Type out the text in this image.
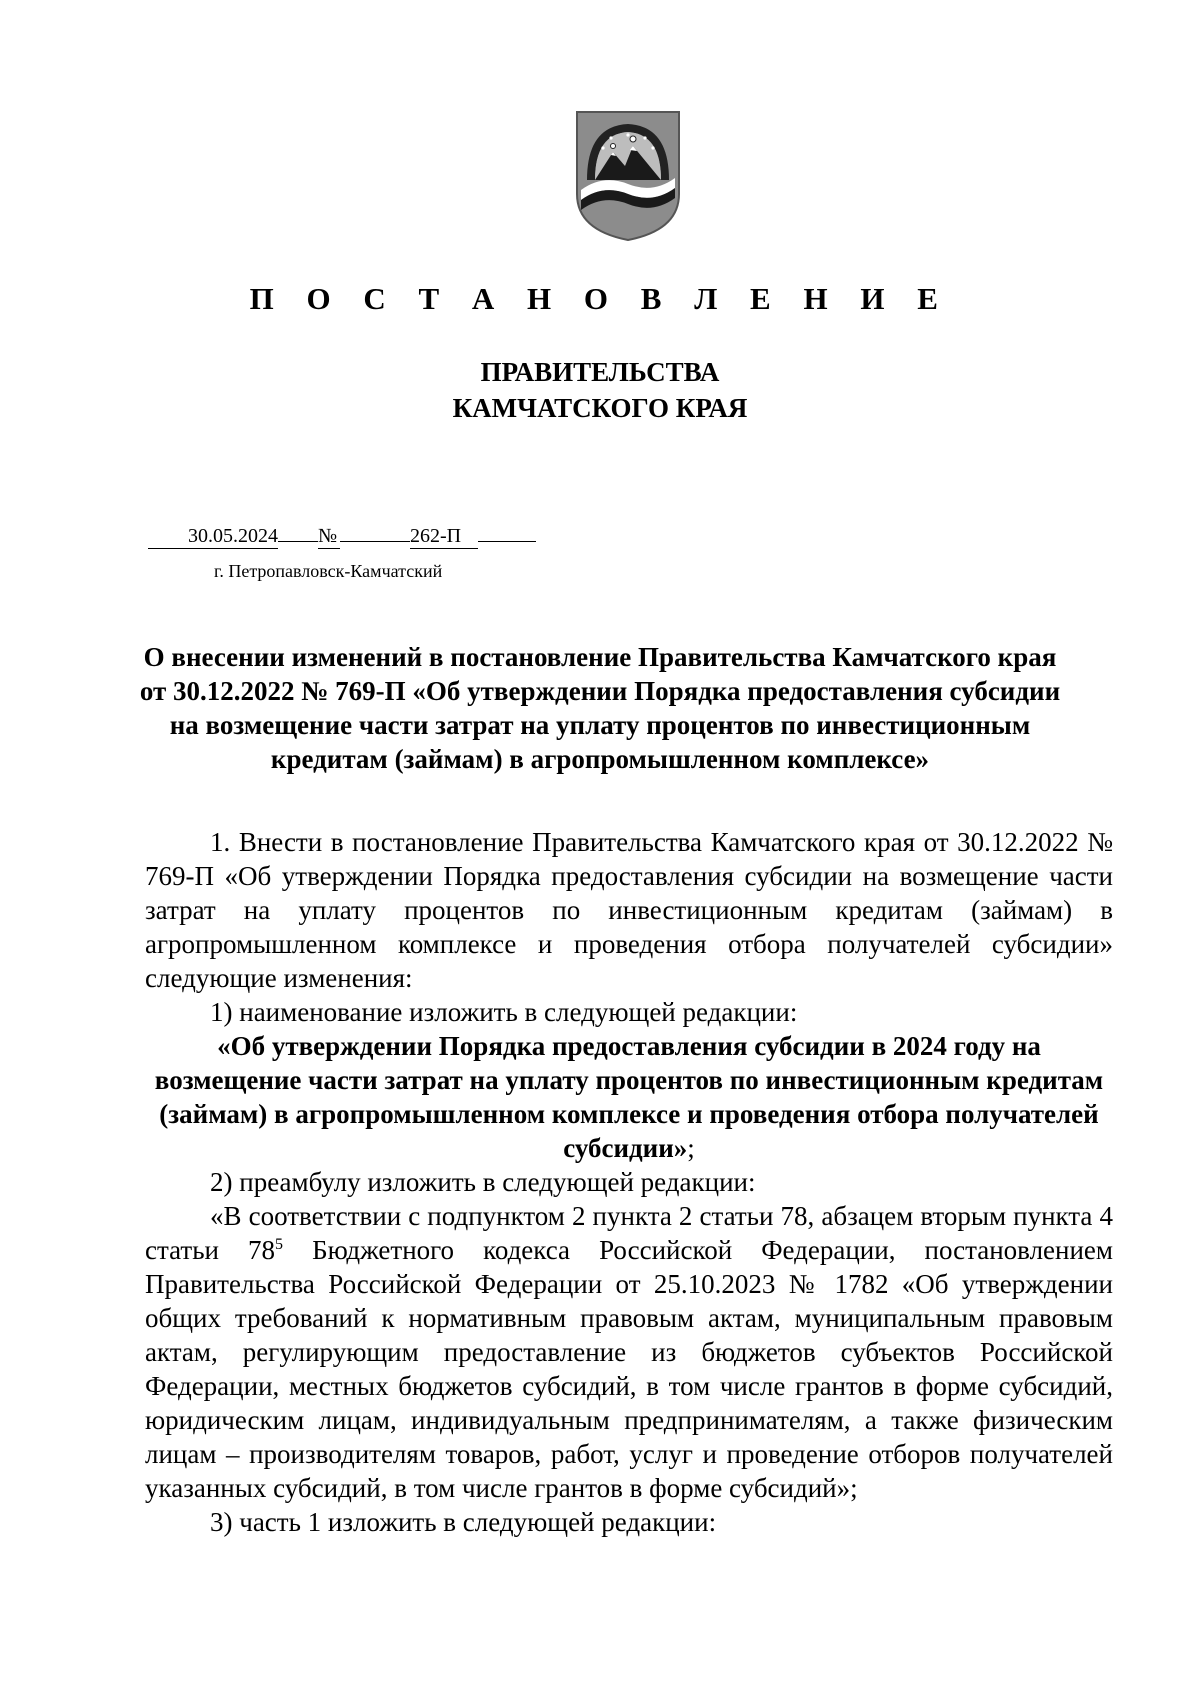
П О С Т А Н О В Л Е Н И Е
ПРАВИТЕЛЬСТВА
КАМЧАТСКОГО КРАЯ
30.05.2024 №	262-П
г. Петропавловск-Камчатский
О внесении изменений в постановление Правительства Камчатского края
от 30.12.2022 № 769-П «Об утверждении Порядка предоставления субсидии
на возмещение части затрат на уплату процентов по инвестиционным
кредитам (займам) в агропромышленном комплексе»

1. Внести в постановление Правительства Камчатского края от 30.12.2022 № 769-П «Об утверждении Порядка предоставления субсидии на возмещение части затрат на уплату процентов по инвестиционным кредитам (займам) в агропромышленном комплексе и проведения отбора получателей субсидии» следующие изменения:

1) наименование изложить в следующей редакции:

«Об утверждении Порядка предоставления субсидии в 2024 году на возмещение части затрат на уплату процентов по инвестиционным кредитам (займам) в агропромышленном комплексе и проведения отбора получателей субсидии»;

2) преамбулу изложить в следующей редакции:

«В соответствии с подпунктом 2 пункта 2 статьи 78, абзацем вторым пункта 4 статьи $78^5$ Бюджетного кодекса Российской Федерации, постановлением Правительства Российской Федерации от 25.10.2023 № 1782 «Об утверждении общих требований к нормативным правовым актам, муниципальным правовым актам, регулирующим предоставление из бюджетов субъектов Российской Федерации, местных бюджетов субсидий, в том числе грантов в форме субсидий, юридическим лицам, индивидуальным предпринимателям, а также физическим лицам – производителям товаров, работ, услуг и проведение отборов получателей указанных субсидий, в том числе грантов в форме субсидий»;

3) часть 1 изложить в следующей редакции:
